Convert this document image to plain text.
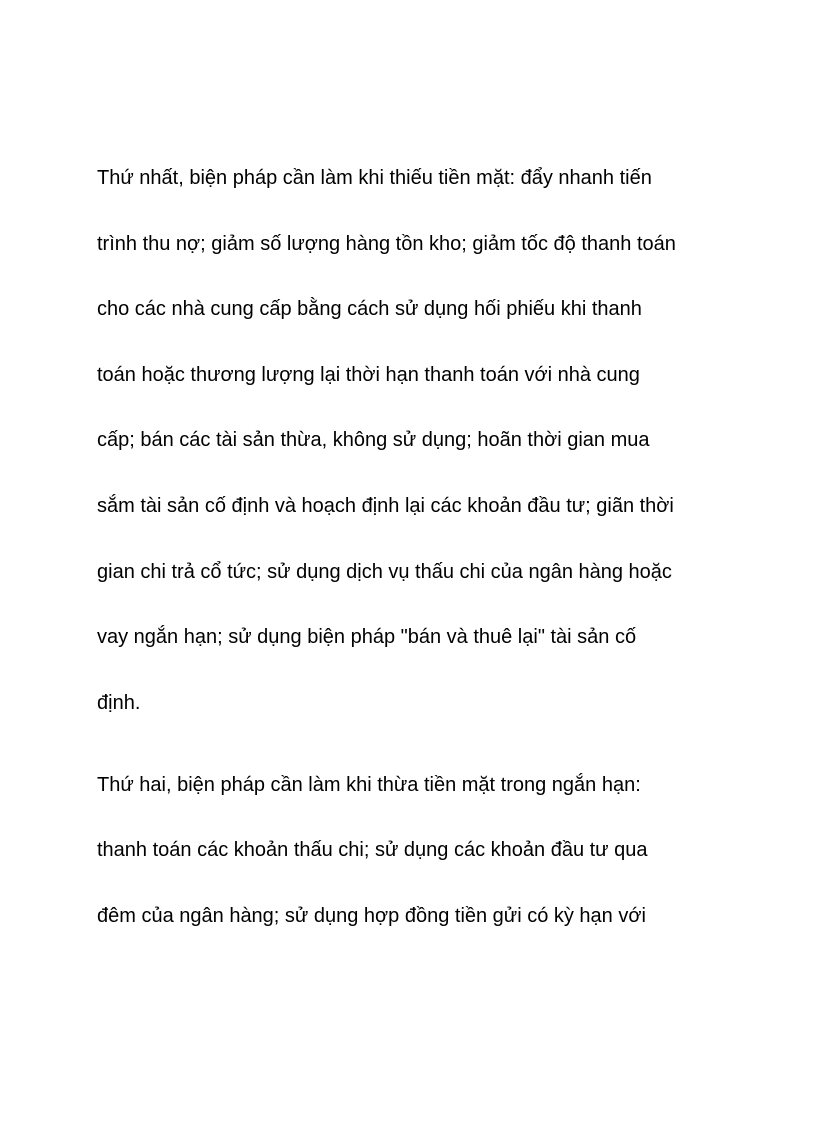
Thứ nhất, biện pháp cần làm khi thiếu tiền mặt: đẩy nhanh tiến
trình thu nợ; giảm số lượng hàng tồn kho; giảm tốc độ thanh toán
cho các nhà cung cấp bằng cách sử dụng hối phiếu khi thanh
toán hoặc thương lượng lại thời hạn thanh toán với nhà cung
cấp; bán các tài sản thừa, không sử dụng; hoãn thời gian mua
sắm tài sản cố định và hoạch định lại các khoản đầu tư; giãn thời
gian chi trả cổ tức; sử dụng dịch vụ thấu chi của ngân hàng hoặc
vay ngắn hạn; sử dụng biện pháp "bán và thuê lại" tài sản cố
định.
Thứ hai, biện pháp cần làm khi thừa tiền mặt trong ngắn hạn:
thanh toán các khoản thấu chi; sử dụng các khoản đầu tư qua
đêm của ngân hàng; sử dụng hợp đồng tiền gửi có kỳ hạn với
